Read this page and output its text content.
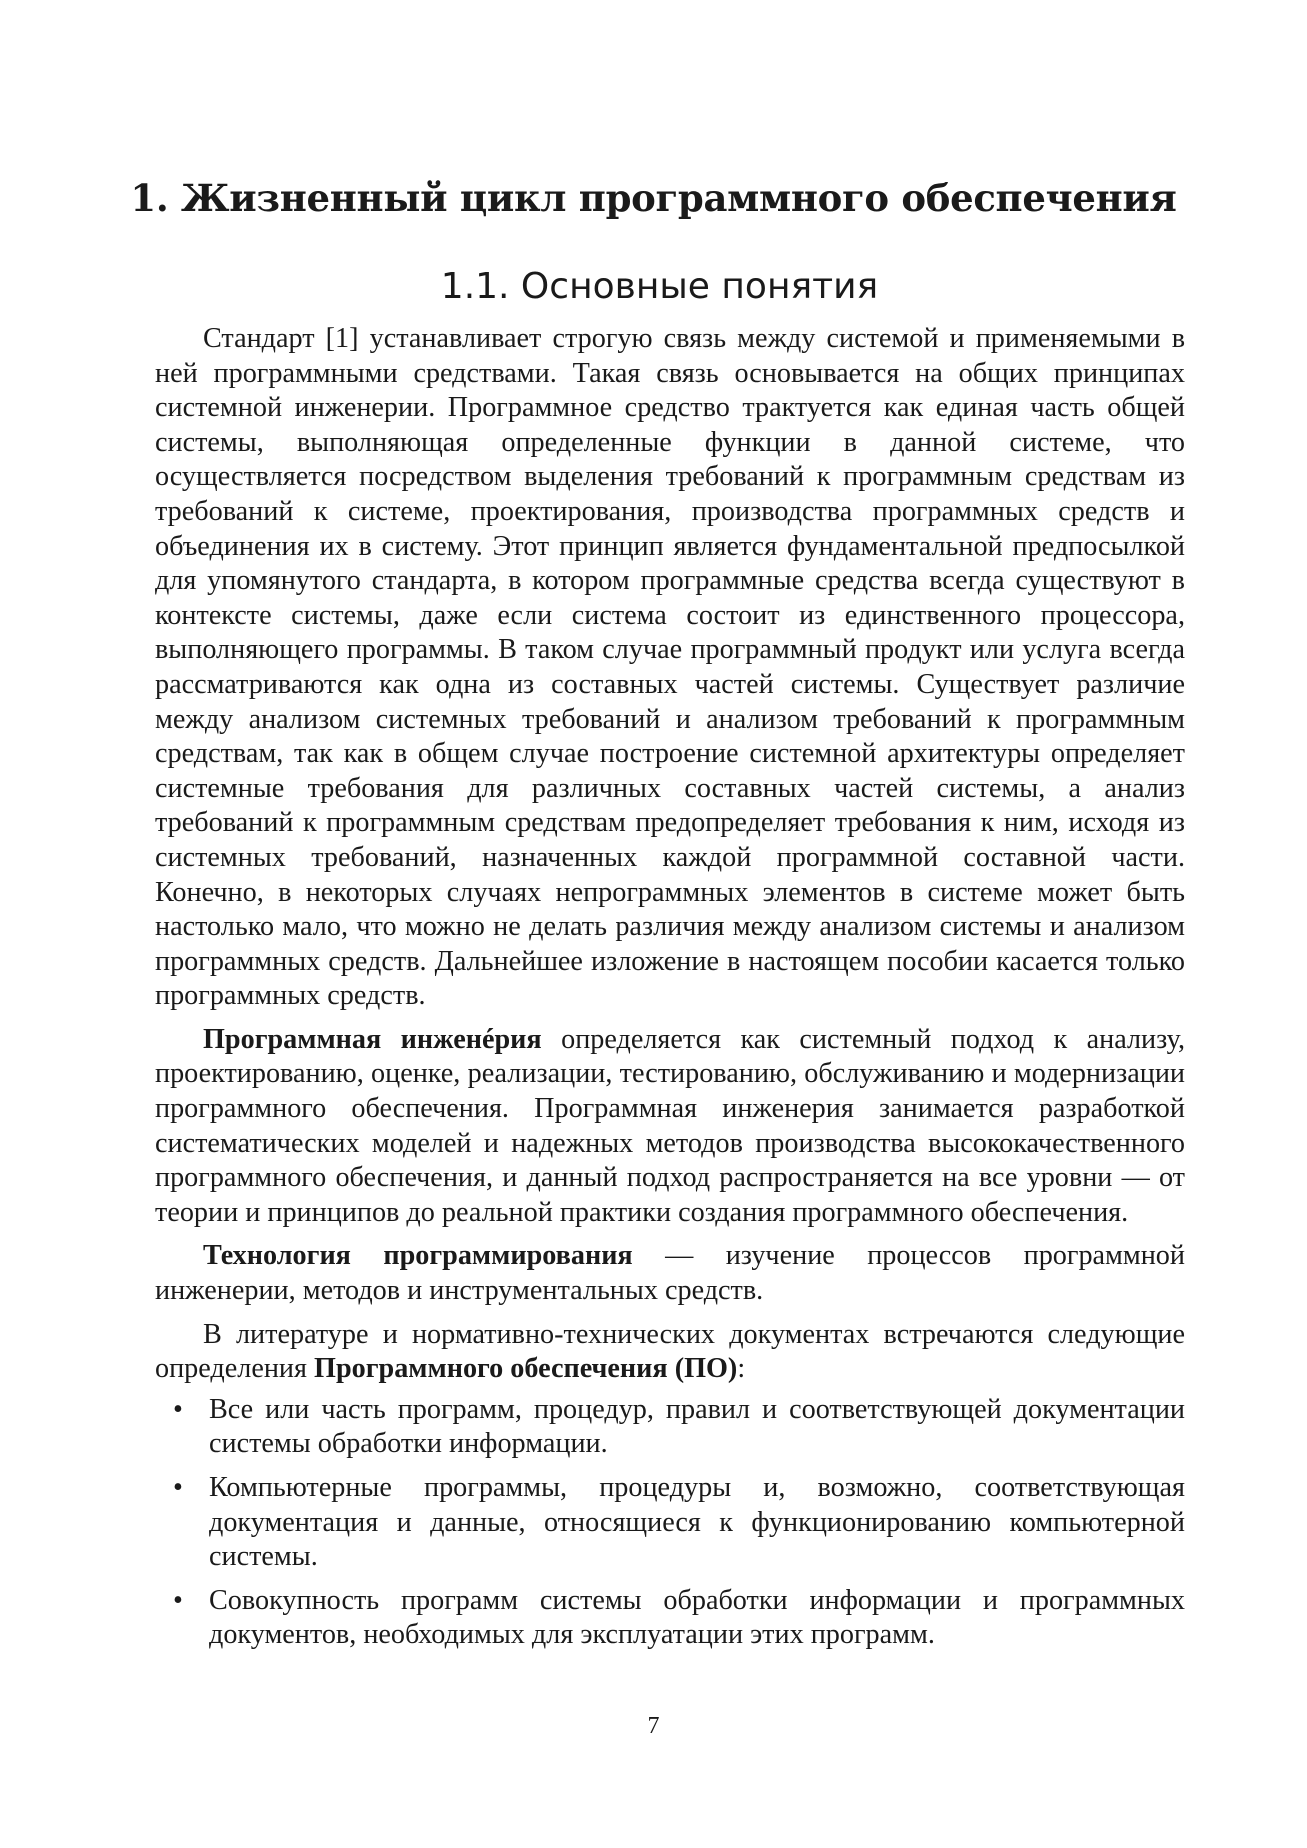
1. Жизненный цикл программного обеспечения
1.1. Основные понятия

Стандарт [1] устанавливает строгую связь между системой и применяемыми в ней программными средствами. Такая связь основывается на общих принципах системной инженерии. Программное средство трактуется как единая часть общей системы, выполняющая определенные функции в данной системе, что осуществляется посредством выделения требований к программным средствам из требований к системе, проектирования, производства программных средств и объединения их в систему. Этот принцип является фундаментальной предпосылкой для упомянутого стандарта, в котором программные средства всегда существуют в контексте системы, даже если система состоит из единственного процессора, выполняющего программы. В таком случае программный продукт или услуга всегда рассматриваются как одна из составных частей системы. Существует различие между анализом системных требований и анализом требований к программным средствам, так как в общем случае построение системной архитектуры определяет системные требования для различных составных частей системы, а анализ требований к программным средствам предопределяет требования к ним, исходя из системных требований, назначенных каждой программной составной части. Конечно, в некоторых случаях непрограммных элементов в системе может быть настолько мало, что можно не делать различия между анализом системы и анализом программных средств. Дальнейшее изложение в настоящем пособии касается только программных средств.

Программная инженéрия определяется как системный подход к анализу, проектированию, оценке, реализации, тестированию, обслуживанию и модернизации программного обеспечения. Программная инженерия занимается разработкой систематических моделей и надежных методов производства высококачественного программного обеспечения, и данный подход распространяется на все уровни — от теории и принципов до реальной практики создания программного обеспечения.

Технология программирования — изучение процессов программной инженерии, методов и инструментальных средств.

В литературе и нормативно-технических документах встречаются следующие определения Программного обеспечения (ПО):

• Все или часть программ, процедур, правил и соответствующей документации системы обработки информации.
• Компьютерные программы, процедуры и, возможно, соответствующая документация и данные, относящиеся к функционированию компьютерной системы.
• Совокупность программ системы обработки информации и программных документов, необходимых для эксплуатации этих программ.
7
